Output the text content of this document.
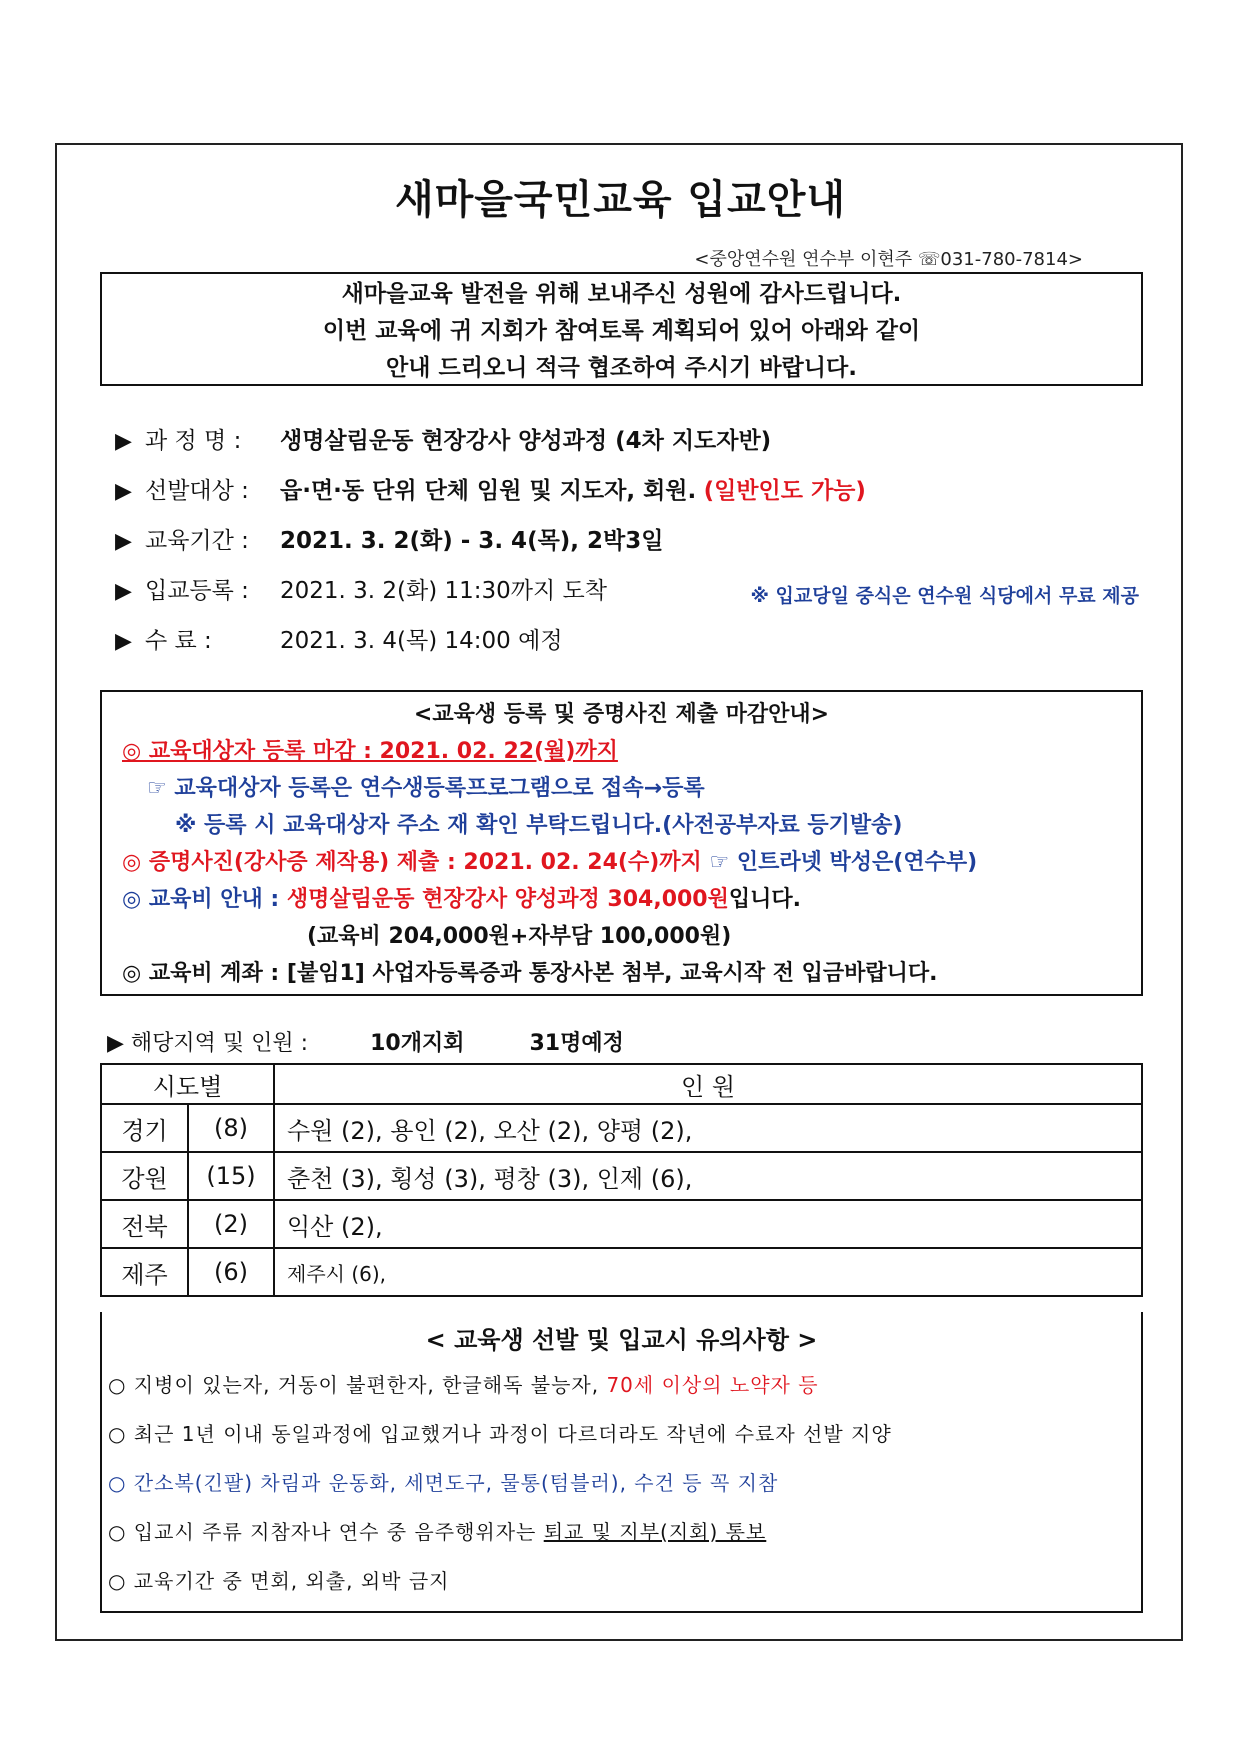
새마을국민교육 입교안내
<중앙연수원 연수부 이현주 ☏031-780-7814>
새마을교육 발전을 위해 보내주신 성원에 감사드립니다.
이번 교육에 귀 지회가 참여토록 계획되어 있어 아래와 같이
안내 드리오니 적극 협조하여 주시기 바랍니다.
▶ 과 정 명 : 생명살림운동 현장강사 양성과정 (4차 지도자반)
▶ 선발대상 : 읍·면·동 단위 단체 임원 및 지도자, 회원. (일반인도 가능)
▶ 교육기간 : 2021. 3. 2(화) - 3. 4(목), 2박3일
▶ 입교등록 : 2021. 3. 2(화) 11:30까지 도착	※ 입교당일 중식은 연수원 식당에서 무료 제공
▶ 수 료 :	2021. 3. 4(목) 14:00 예정
<교육생 등록 및 증명사진 제출 마감안내>
◎ 교육대상자 등록 마감 : 2021. 02. 22(월)까지
☞ 교육대상자 등록은 연수생등록프로그램으로 접속→등록
※ 등록 시 교육대상자 주소 재 확인 부탁드립니다.(사전공부자료 등기발송)
◎ 증명사진(강사증 제작용) 제출 : 2021. 02. 24(수)까지 ☞ 인트라넷 박성은(연수부)
◎ 교육비 안내 : 생명살림운동 현장강사 양성과정 304,000원입니다.
(교육비 204,000원+자부담 100,000원)
◎ 교육비 계좌 : [붙임1] 사업자등록증과 통장사본 첨부, 교육시작 전 입금바랍니다.
▶ 해당지역 및 인원 :	10개지회	31명예정
시도별		인 원
경기	(8)	수원 (2), 용인 (2), 오산 (2), 양평 (2),
강원	(15)	춘천 (3), 횡성 (3), 평창 (3), 인제 (6),
전북	(2)	익산 (2),
제주	(6)	제주시 (6),
< 교육생 선발 및 입교시 유의사항 >
○ 지병이 있는자, 거동이 불편한자, 한글해독 불능자, 70세 이상의 노약자 등
○ 최근 1년 이내 동일과정에 입교했거나 과정이 다르더라도 작년에 수료자 선발 지양
○ 간소복(긴팔) 차림과 운동화, 세면도구, 물통(텀블러), 수건 등 꼭 지참
○ 입교시 주류 지참자나 연수 중 음주행위자는 퇴교 및 지부(지회) 통보
○ 교육기간 중 면회, 외출, 외박 금지
